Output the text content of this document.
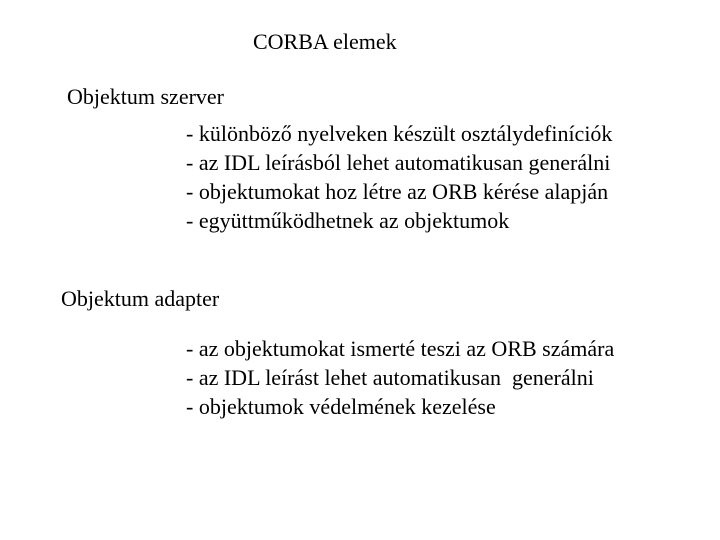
CORBA elemek
Objektum szerver
- különböző nyelveken készült osztálydefiníciók
- az IDL leírásból lehet automatikusan generálni
- objektumokat hoz létre az ORB kérése alapján
- együttműködhetnek az objektumok
Objektum adapter
- az objektumokat ismerté teszi az ORB számára
- az IDL leírást lehet automatikusan  generálni
- objektumok védelmének kezelése
